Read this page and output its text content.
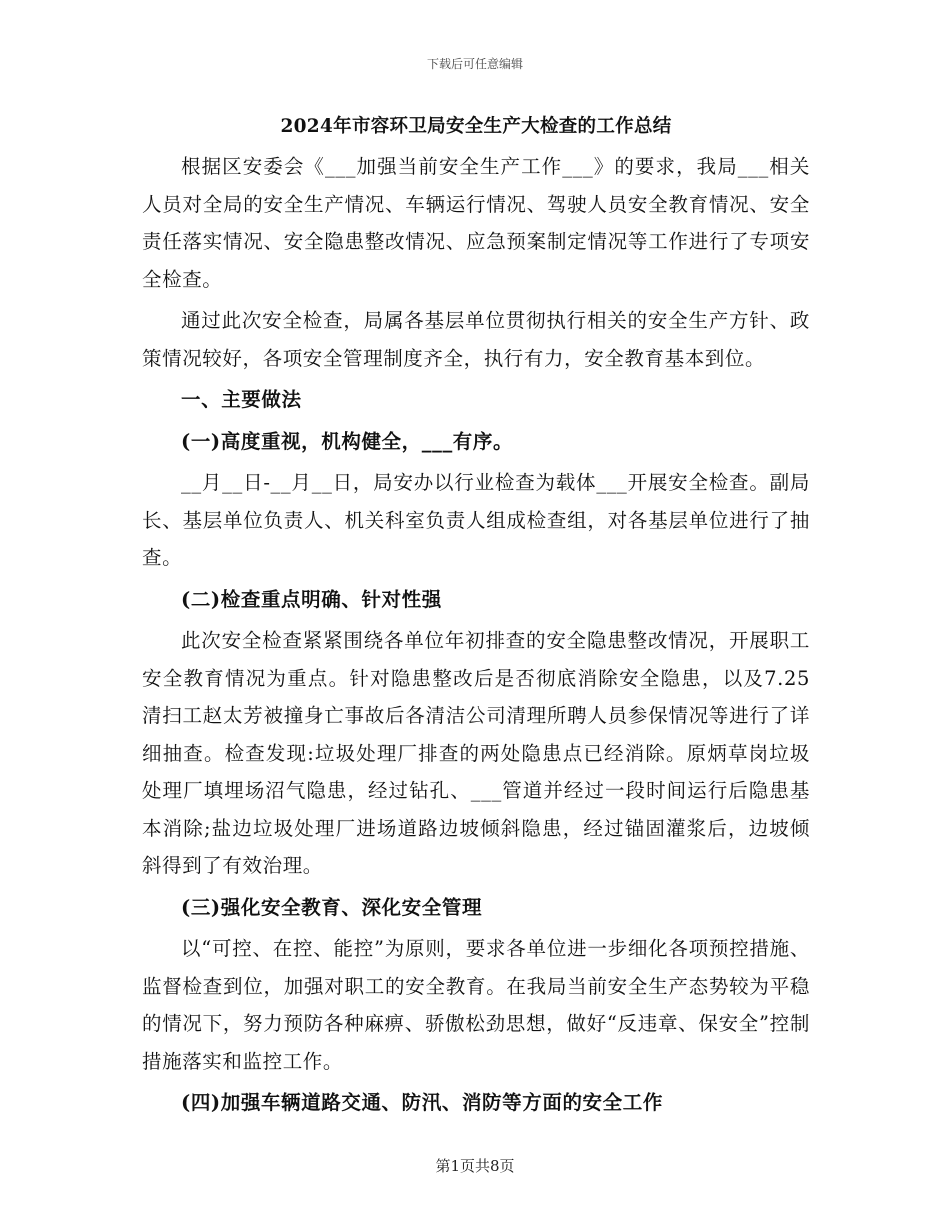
下载后可任意编辑
2024年市容环卫局安全生产大检查的工作总结

根据区安委会《___加强当前安全生产工作___》的要求，我局___相关人员对全局的安全生产情况、车辆运行情况、驾驶人员安全教育情况、安全责任落实情况、安全隐患整改情况、应急预案制定情况等工作进行了专项安全检查。

通过此次安全检查，局属各基层单位贯彻执行相关的安全生产方针、政策情况较好，各项安全管理制度齐全，执行有力，安全教育基本到位。

一、主要做法

(一)高度重视，机构健全，___有序。

__月__日-__月__日，局安办以行业检查为载体___开展安全检查。副局长、基层单位负责人、机关科室负责人组成检查组，对各基层单位进行了抽查。

(二)检查重点明确、针对性强

此次安全检查紧紧围绕各单位年初排查的安全隐患整改情况，开展职工安全教育情况为重点。针对隐患整改后是否彻底消除安全隐患，以及7.25清扫工赵太芳被撞身亡事故后各清洁公司清理所聘人员参保情况等进行了详细抽查。检查发现:垃圾处理厂排查的两处隐患点已经消除。原炳草岗垃圾处理厂填埋场沼气隐患，经过钻孔、___管道并经过一段时间运行后隐患基本消除;盐边垃圾处理厂进场道路边坡倾斜隐患，经过锚固灌浆后，边坡倾斜得到了有效治理。

(三)强化安全教育、深化安全管理

以“可控、在控、能控”为原则，要求各单位进一步细化各项预控措施、监督检查到位，加强对职工的安全教育。在我局当前安全生产态势较为平稳的情况下，努力预防各种麻痹、骄傲松劲思想，做好“反违章、保安全”控制措施落实和监控工作。

(四)加强车辆道路交通、防汛、消防等方面的安全工作

第1页共8页
